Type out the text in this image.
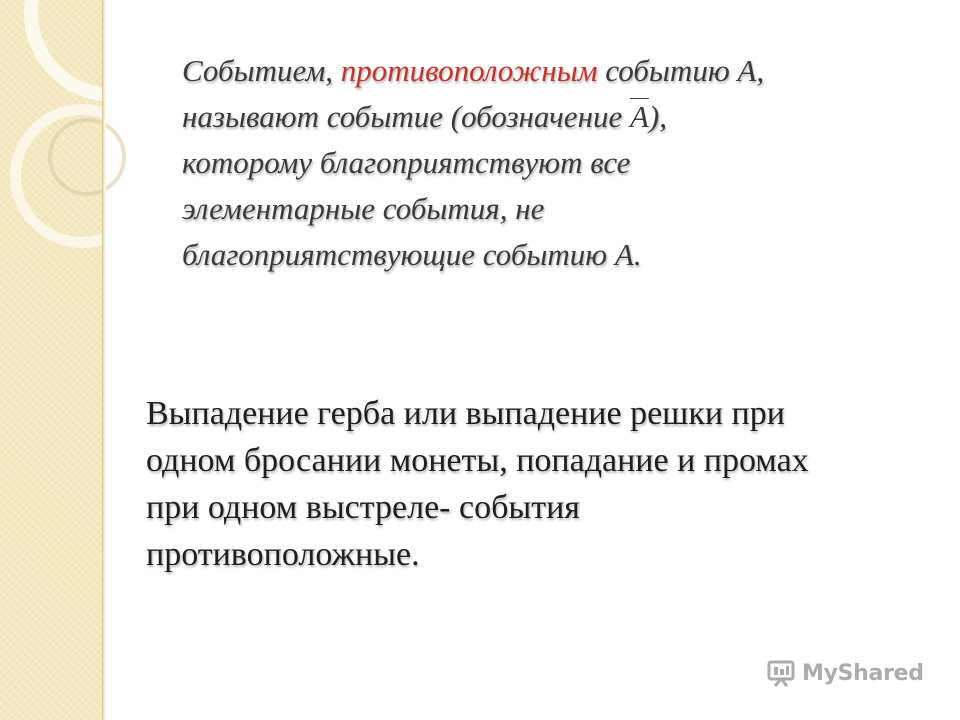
Событием, противоположным событию А,
называют событие (обозначение $\overline{A}$),
которому благоприятствуют все
элементарные события, не
благоприятствующие событию А.

Выпадение герба или выпадение решки при
одном бросании монеты, попадание и промах
при одном выстреле- события
противоположные.

MyShared
